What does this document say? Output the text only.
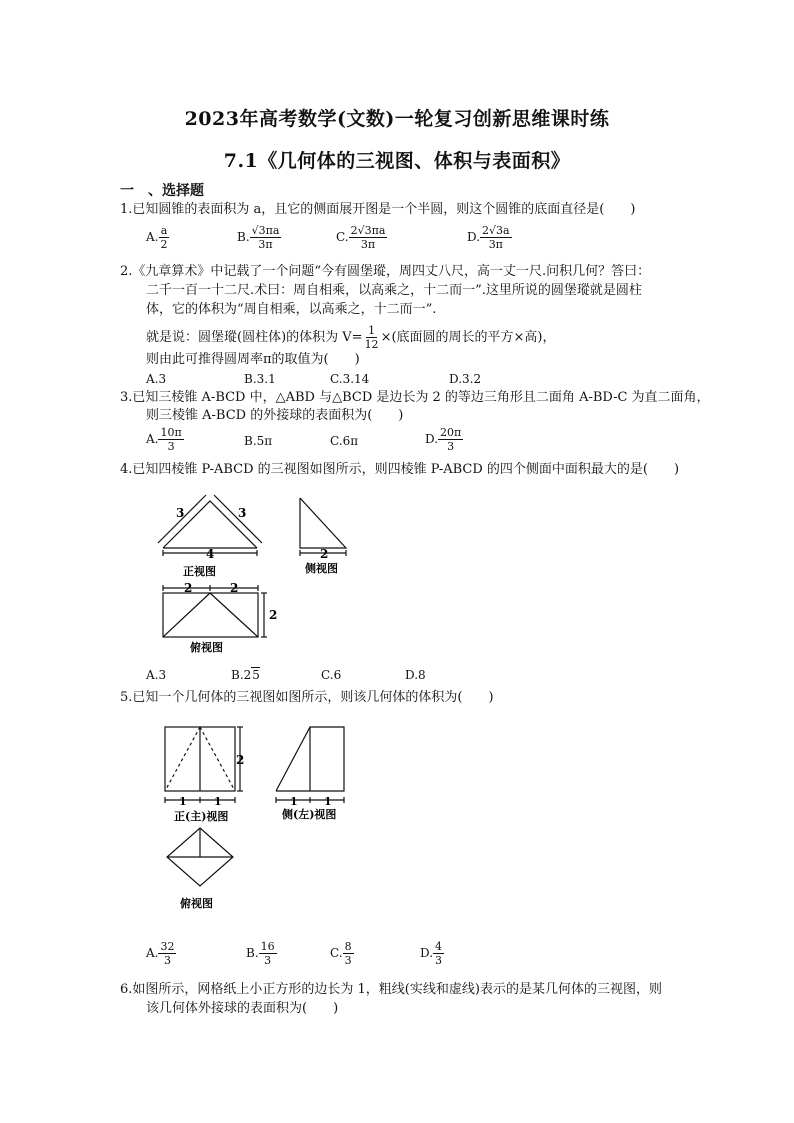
2023年高考数学(文数)一轮复习创新思维课时练
7.1《几何体的三视图、体积与表面积》
一　、选择题
1.已知圆锥的表面积为 a，且它的侧面展开图是一个半圆，则这个圆锥的底面直径是(　　)
A. $\frac{a}{2}$	B. $\frac{√3\pi a}{3\pi}$	C. $\frac{2√3\pi a}{3\pi}$	D. $\frac{2√3a}{3\pi}$
2.《九章算术》中记载了一个问题“今有圆堡瑽，周四丈八尺，高一丈一尺.问积几何？答曰：
二千一百一十二尺.术曰：周自相乘，以高乘之，十二而一”.这里所说的圆堡瑽就是圆柱
体，它的体积为“周自相乘，以高乘之，十二而一”.
就是说：圆堡瑽(圆柱体)的体积为 $V= \frac{1}{12}$ ×(底面圆的周长的平方×高)，
则由此可推得圆周率π的取值为(　　)
A.3	B.3.1	C.3.14	D.3.2
3.已知三棱锥 A-BCD 中，△ABD 与△BCD 是边长为 2 的等边三角形且二面角 A-BD-C 为直二面角，
则三棱锥 A-BCD 的外接球的表面积为(　　)
A. $\frac{10\pi}{3}$	B.5π	C.6π	D. $\frac{20\pi}{3}$
4.已知四棱锥 P-ABCD 的三视图如图所示，则四棱锥 P-ABCD 的四个侧面中面积最大的是(　　)
3	3
4	2
正视图	侧视图
2	2
2
俯视图
A.3	B.25	C.6	D.8
5.已知一个几何体的三视图如图所示，则该几何体的体积为(　　)
2
1 1	1 1
正(主)视图	侧(左)视图
俯视图
A. $\frac{32}{3}$	B. $\frac{16}{3}$	C. $\frac{8}{3}$	D. $\frac{4}{3}$
6.如图所示，网格纸上小正方形的边长为 1，粗线(实线和虚线)表示的是某几何体的三视图，则
该几何体外接球的表面积为(　　)
